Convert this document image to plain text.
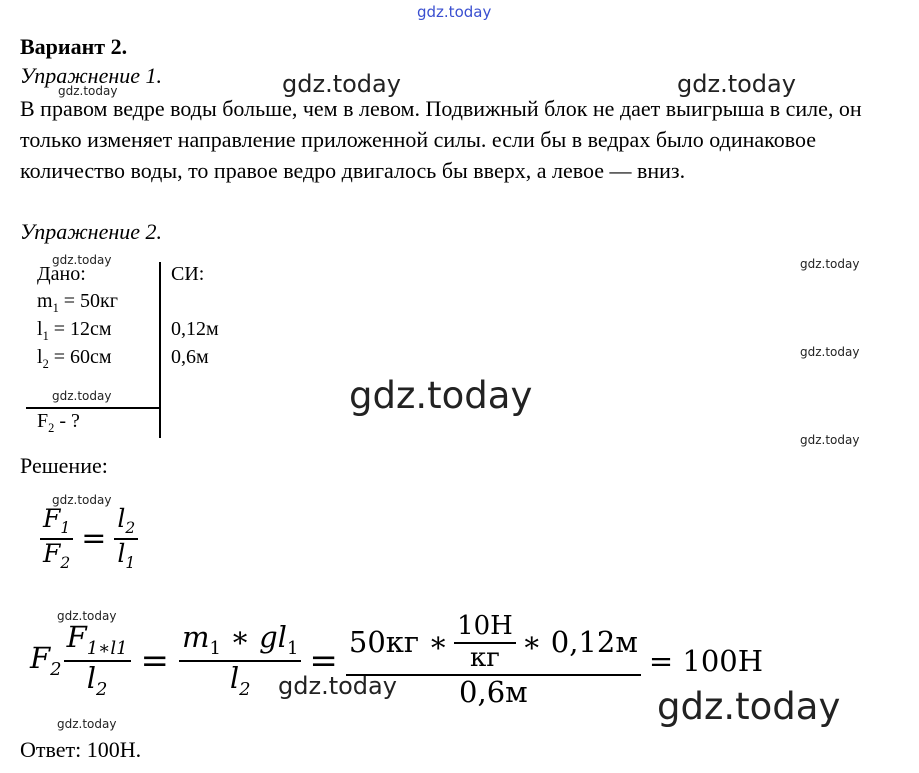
gdz.today
gdz.today	gdz.today	gdz.today
gdz.today	gdz.today
gdz.today
gdz.today
gdz.today
gdz.today
gdz.today
gdz.today
gdz.today	gdz.today
gdz.today
Вариант 2.
Упражнение 1.
В правом ведре воды больше, чем в левом. Подвижный блок не дает выигрыша в силе, он только изменяет направление приложенной силы. если бы в ведрах было одинаковое количество воды, то правое ведро двигалось бы вверх, а левое — вниз.
Упражнение 2.
Дано:	СИ:
$m_1 = 50кг$
$l_1 = 12см$	0,12м
$l_2 = 60см$	0,6м
$F_2$ - ?
Решение:
$\frac{F_1}{F_2} = \frac{l_2}{l_1}$
$F_2 \frac{F_{1∗l1}}{l_2} = \frac{m_1 ∗ gl_1}{l_2} = \frac{50кг ∗ \frac{10Н}{кг} ∗ 0,12м}{0,6м} = 100Н$
Ответ: 100Н.
